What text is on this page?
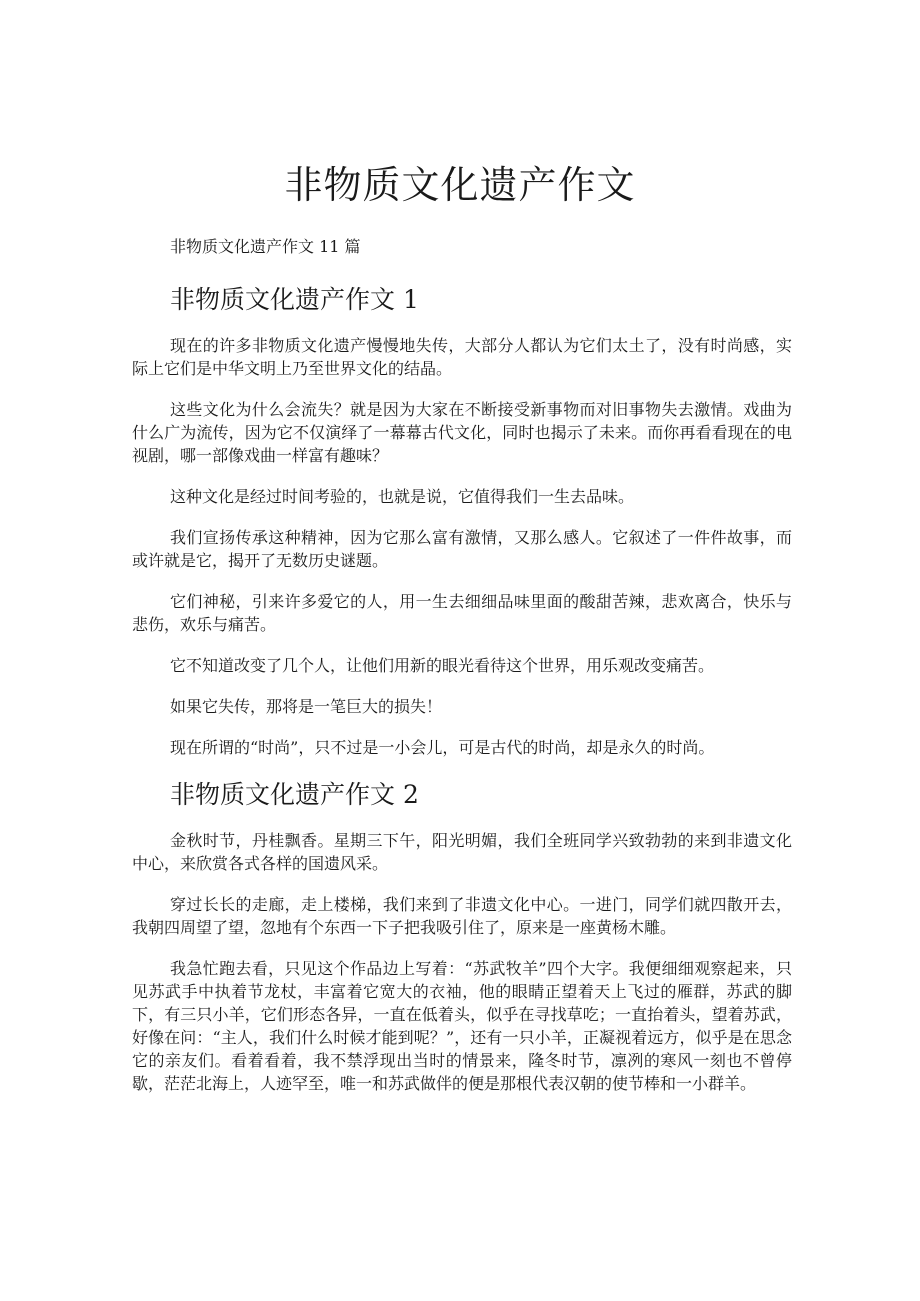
非物质文化遗产作文

非物质文化遗产作文 11 篇

非物质文化遗产作文 1

现在的许多非物质文化遗产慢慢地失传，大部分人都认为它们太土了，没有时尚感，实际上它们是中华文明上乃至世界文化的结晶。

这些文化为什么会流失？就是因为大家在不断接受新事物而对旧事物失去激情。戏曲为什么广为流传，因为它不仅演绎了一幕幕古代文化，同时也揭示了未来。而你再看看现在的电视剧，哪一部像戏曲一样富有趣味？

这种文化是经过时间考验的，也就是说，它值得我们一生去品味。

我们宣扬传承这种精神，因为它那么富有激情，又那么感人。它叙述了一件件故事，而或许就是它，揭开了无数历史谜题。

它们神秘，引来许多爱它的人，用一生去细细品味里面的酸甜苦辣，悲欢离合，快乐与悲伤，欢乐与痛苦。

它不知道改变了几个人，让他们用新的眼光看待这个世界，用乐观改变痛苦。

如果它失传，那将是一笔巨大的损失！

现在所谓的“时尚”，只不过是一小会儿，可是古代的时尚，却是永久的时尚。

非物质文化遗产作文 2

金秋时节，丹桂飘香。星期三下午，阳光明媚，我们全班同学兴致勃勃的来到非遗文化中心，来欣赏各式各样的国遗风采。

穿过长长的走廊，走上楼梯，我们来到了非遗文化中心。一进门，同学们就四散开去，我朝四周望了望，忽地有个东西一下子把我吸引住了，原来是一座黄杨木雕。

我急忙跑去看，只见这个作品边上写着：“苏武牧羊”四个大字。我便细细观察起来，只见苏武手中执着节龙杖，丰富着它宽大的衣袖，他的眼睛正望着天上飞过的雁群，苏武的脚下，有三只小羊，它们形态各异，一直在低着头，似乎在寻找草吃；一直抬着头，望着苏武，好像在问：“主人，我们什么时候才能到呢？”，还有一只小羊，正凝视着远方，似乎是在思念它的亲友们。看着看着，我不禁浮现出当时的情景来，隆冬时节，凛冽的寒风一刻也不曾停歇，茫茫北海上，人迹罕至，唯一和苏武做伴的便是那根代表汉朝的使节棒和一小群羊。
